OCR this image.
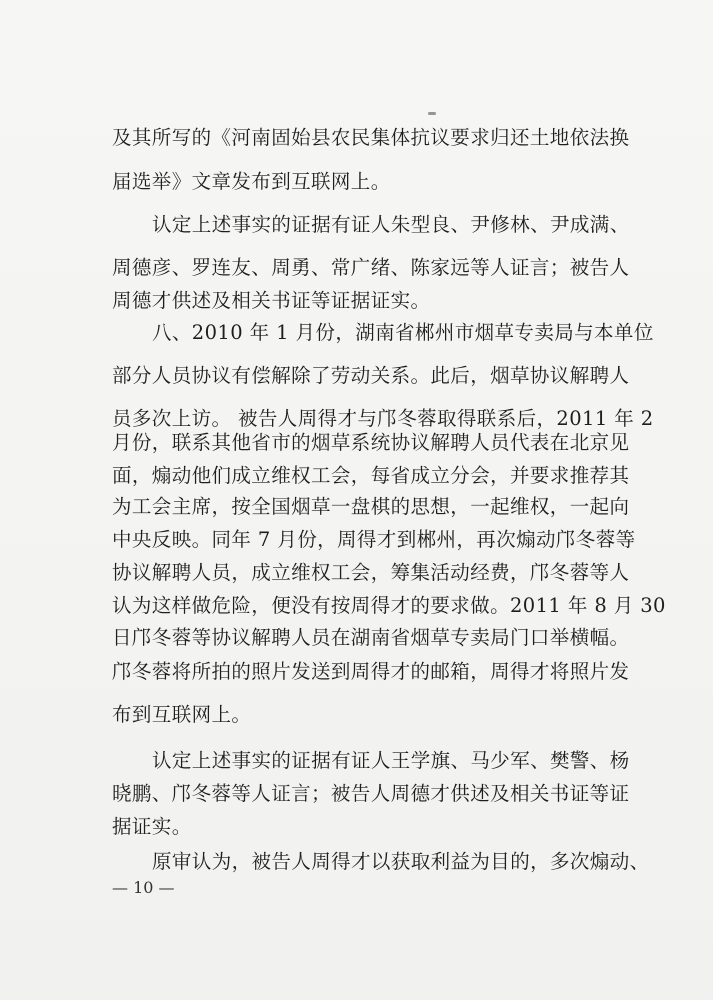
及其所写的《河南固始县农民集体抗议要求归还土地依法换
届选举》文章发布到互联网上。
认定上述事实的证据有证人朱型良、尹修林、尹成满、
周德彦、罗连友、周勇、常广绪、陈家远等人证言；被告人
周德才供述及相关书证等证据证实。
八、2010 年 1 月份，湖南省郴州市烟草专卖局与本单位
部分人员协议有偿解除了劳动关系。此后，烟草协议解聘人
员多次上访。 被告人周得才与邝冬蓉取得联系后，2011 年 2
月份，联系其他省市的烟草系统协议解聘人员代表在北京见
面，煽动他们成立维权工会，每省成立分会，并要求推荐其
为工会主席，按全国烟草一盘棋的思想，一起维权，一起向
中央反映。同年 7 月份，周得才到郴州，再次煽动邝冬蓉等
协议解聘人员，成立维权工会，筹集活动经费，邝冬蓉等人
认为这样做危险，便没有按周得才的要求做。2011 年 8 月 30
日邝冬蓉等协议解聘人员在湖南省烟草专卖局门口举横幅。
邝冬蓉将所拍的照片发送到周得才的邮箱，周得才将照片发
布到互联网上。
认定上述事实的证据有证人王学旗、马少军、樊警、杨
晓鹏、邝冬蓉等人证言；被告人周德才供述及相关书证等证
据证实。
原审认为，被告人周得才以获取利益为目的，多次煽动、
— 10 —
